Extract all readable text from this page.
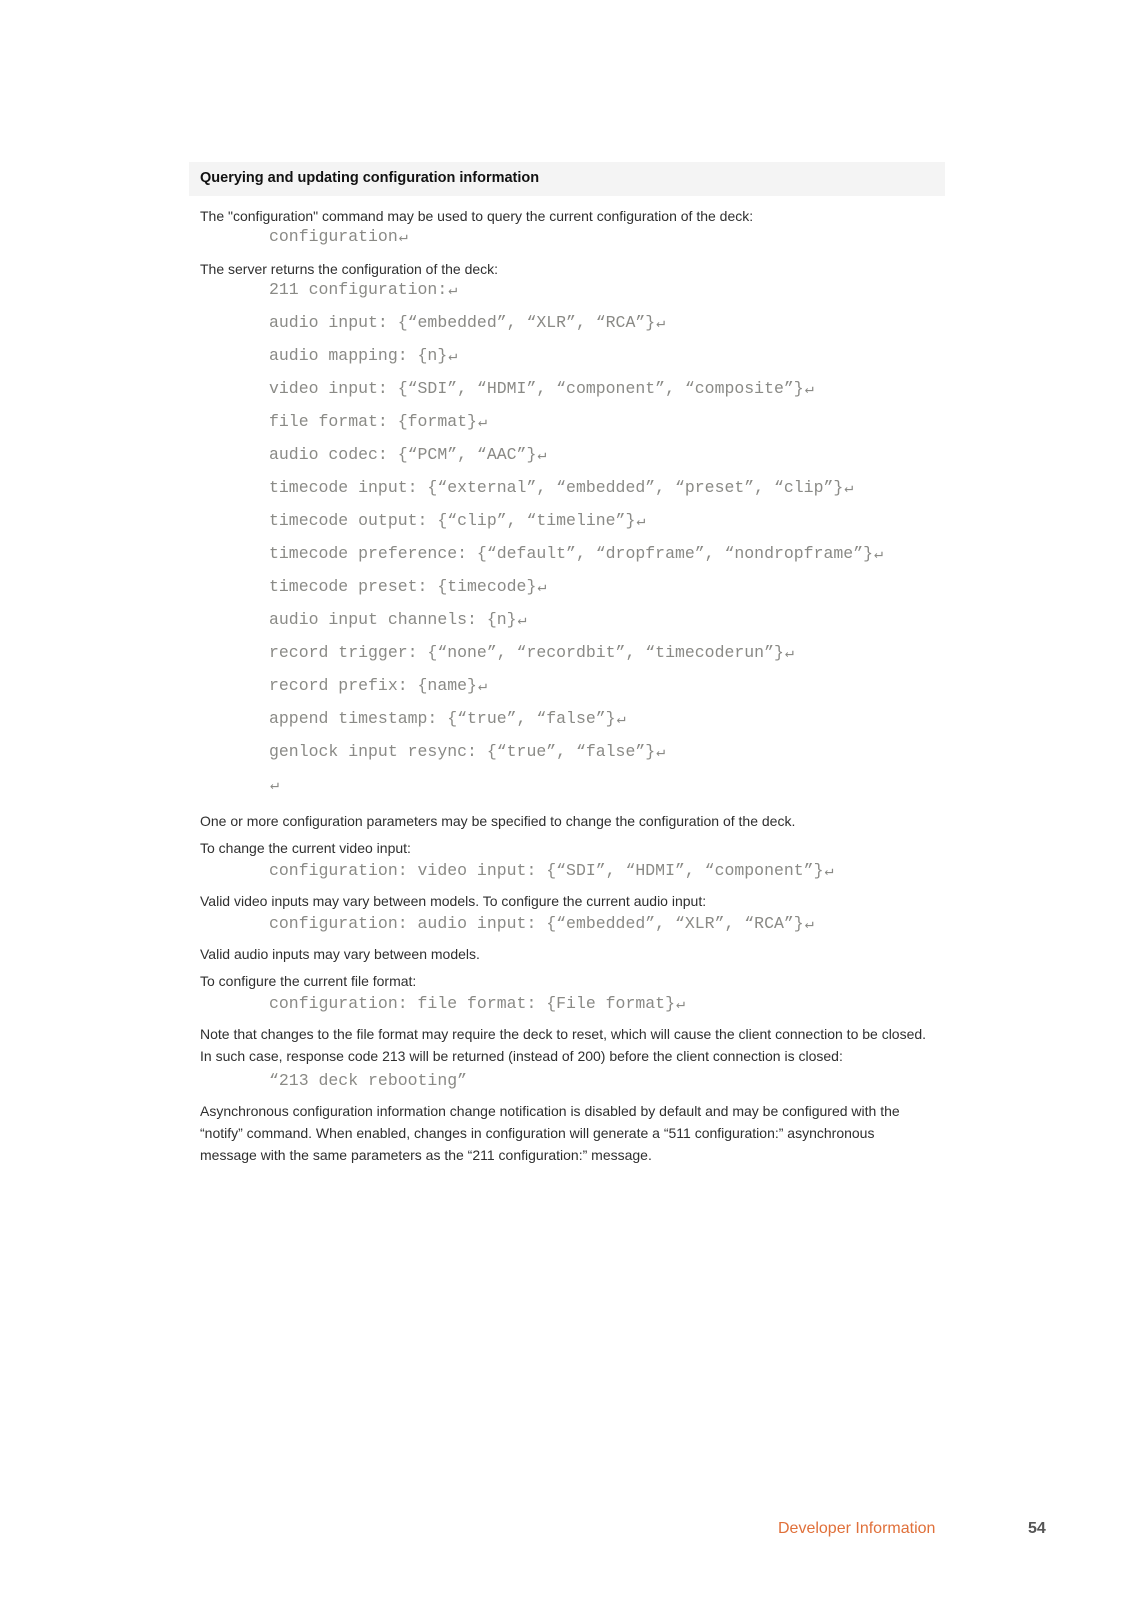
Querying and updating configuration information

The "configuration" command may be used to query the current configuration of the deck:

configuration↵

The server returns the configuration of the deck:

211 configuration:↵
audio input: {“embedded”, “XLR”, “RCA”}↵
audio mapping: {n}↵
video input: {“SDI”, “HDMI”, “component”, “composite”}↵
file format: {format}↵
audio codec: {“PCM”, “AAC”}↵
timecode input: {“external”, “embedded”, “preset”, “clip”}↵
timecode output: {“clip”, “timeline”}↵
timecode preference: {“default”, “dropframe”, “nondropframe”}↵
timecode preset: {timecode}↵
audio input channels: {n}↵
record trigger: {“none”, “recordbit”, “timecoderun”}↵
record prefix: {name}↵
append timestamp: {“true”, “false”}↵
genlock input resync: {“true”, “false”}↵
↵

One or more configuration parameters may be specified to change the configuration of the deck.

To change the current video input:

configuration: video input: {“SDI”, “HDMI”, “component”}↵

Valid video inputs may vary between models. To configure the current audio input:

configuration: audio input: {“embedded”, “XLR”, “RCA”}↵

Valid audio inputs may vary between models.

To configure the current file format:

configuration: file format: {File format}↵

Note that changes to the file format may require the deck to reset, which will cause the client connection to be closed. In such case, response code 213 will be returned (instead of 200) before the client connection is closed:

“213 deck rebooting”

Asynchronous configuration information change notification is disabled by default and may be configured with the “notify” command. When enabled, changes in configuration will generate a “511 configuration:” asynchronous message with the same parameters as the “211 configuration:” message.

Developer Information	54
